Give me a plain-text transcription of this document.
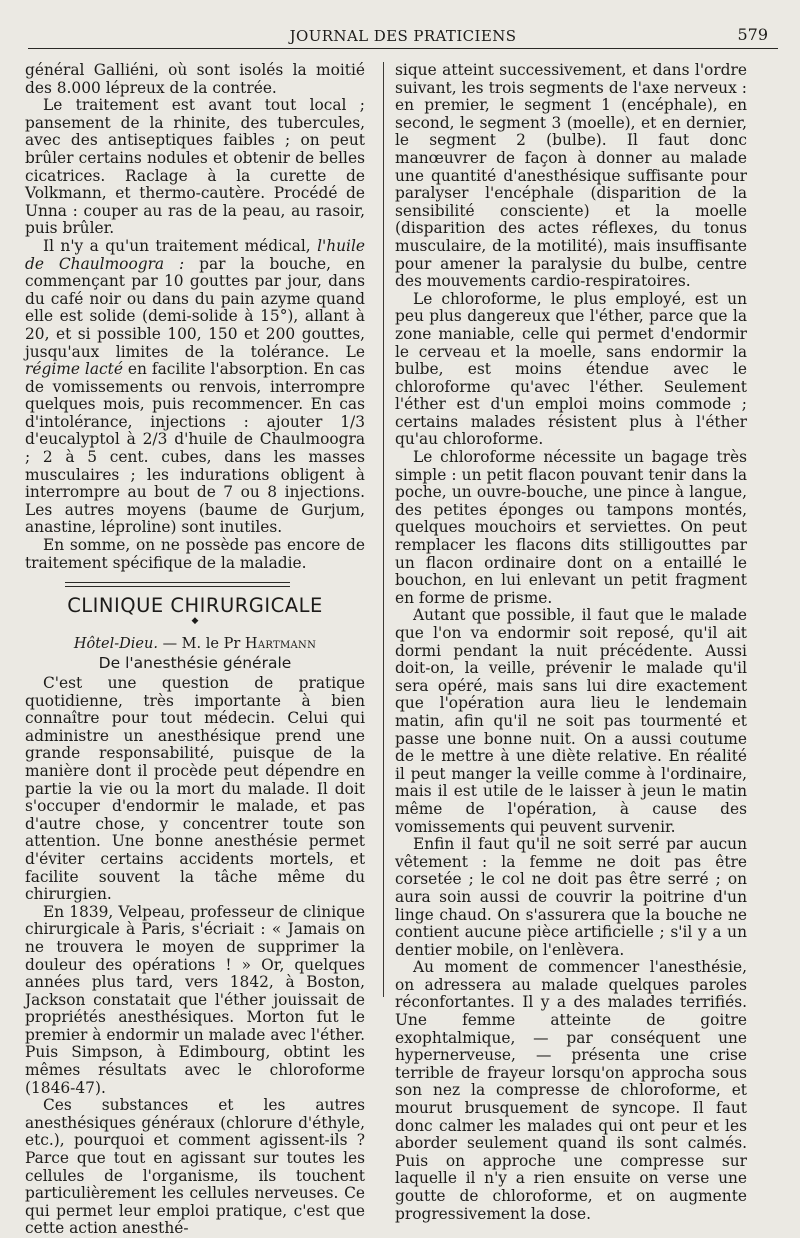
JOURNAL DES PRATICIENS	579

général Galliéni, où sont isolés la moitié des 8.000 lépreux de la contrée.

Le traitement est avant tout local ; pansement de la rhinite, des tubercules, avec des antiseptiques faibles ; on peut brûler certains nodules et obtenir de belles cicatrices. Raclage à la curette de Volkmann, et thermo-cautère. Procédé de Unna : couper au ras de la peau, au rasoir, puis brûler.

Il n'y a qu'un traitement médical, l'huile de Chaulmoogra : par la bouche, en commençant par 10 gouttes par jour, dans du café noir ou dans du pain azyme quand elle est solide (demi-solide à 15°), allant à 20, et si possible 100, 150 et 200 gouttes, jusqu'aux limites de la tolérance. Le régime lacté en facilite l'absorption. En cas de vomissements ou renvois, interrompre quelques mois, puis recommencer. En cas d'intolérance, injections : ajouter 1/3 d'eucalyptol à 2/3 d'huile de Chaulmoogra ; 2 à 5 cent. cubes, dans les masses musculaires ; les indurations obligent à interrompre au bout de 7 ou 8 injections. Les autres moyens (baume de Gurjum, anastine, léproline) sont inutiles.

En somme, on ne possède pas encore de traitement spécifique de la maladie.

CLINIQUE CHIRURGICALE
◆
Hôtel-Dieu. — M. le Pr Hartmann
De l'anesthésie générale

C'est une question de pratique quotidienne, très importante à bien connaître pour tout médecin. Celui qui administre un anesthésique prend une grande responsabilité, puisque de la manière dont il procède peut dépendre en partie la vie ou la mort du malade. Il doit s'occuper d'endormir le malade, et pas d'autre chose, y concentrer toute son attention. Une bonne anesthésie permet d'éviter certains accidents mortels, et facilite souvent la tâche même du chirurgien.

En 1839, Velpeau, professeur de clinique chirurgicale à Paris, s'écriait : « Jamais on ne trouvera le moyen de supprimer la douleur des opérations ! » Or, quelques années plus tard, vers 1842, à Boston, Jackson constatait que l'éther jouissait de propriétés anesthésiques. Morton fut le premier à endormir un malade avec l'éther. Puis Simpson, à Edimbourg, obtint les mêmes résultats avec le chloroforme (1846-47).

Ces substances et les autres anesthésiques généraux (chlorure d'éthyle, etc.), pourquoi et comment agissent-ils ? Parce que tout en agissant sur toutes les cellules de l'organisme, ils touchent particulièrement les cellules nerveuses. Ce qui permet leur emploi pratique, c'est que cette action anesthé-

sique atteint successivement, et dans l'ordre suivant, les trois segments de l'axe nerveux : en premier, le segment 1 (encéphale), en second, le segment 3 (moelle), et en dernier, le segment 2 (bulbe). Il faut donc manœuvrer de façon à donner au malade une quantité d'anesthésique suffisante pour paralyser l'encéphale (disparition de la sensibilité consciente) et la moelle (disparition des actes réflexes, du tonus musculaire, de la motilité), mais insuffisante pour amener la paralysie du bulbe, centre des mouvements cardio-respiratoires.

Le chloroforme, le plus employé, est un peu plus dangereux que l'éther, parce que la zone maniable, celle qui permet d'endormir le cerveau et la moelle, sans endormir la bulbe, est moins étendue avec le chloroforme qu'avec l'éther. Seulement l'éther est d'un emploi moins commode ; certains malades résistent plus à l'éther qu'au chloroforme.

Le chloroforme nécessite un bagage très simple : un petit flacon pouvant tenir dans la poche, un ouvre-bouche, une pince à langue, des petites éponges ou tampons montés, quelques mouchoirs et serviettes. On peut remplacer les flacons dits stilligouttes par un flacon ordinaire dont on a entaillé le bouchon, en lui enlevant un petit fragment en forme de prisme.

Autant que possible, il faut que le malade que l'on va endormir soit reposé, qu'il ait dormi pendant la nuit précédente. Aussi doit-on, la veille, prévenir le malade qu'il sera opéré, mais sans lui dire exactement que l'opération aura lieu le lendemain matin, afin qu'il ne soit pas tourmenté et passe une bonne nuit. On a aussi coutume de le mettre à une diète relative. En réalité il peut manger la veille comme à l'ordinaire, mais il est utile de le laisser à jeun le matin même de l'opération, à cause des vomissements qui peuvent survenir.

Enfin il faut qu'il ne soit serré par aucun vêtement : la femme ne doit pas être corsetée ; le col ne doit pas être serré ; on aura soin aussi de couvrir la poitrine d'un linge chaud. On s'assurera que la bouche ne contient aucune pièce artificielle ; s'il y a un dentier mobile, on l'enlèvera.

Au moment de commencer l'anesthésie, on adressera au malade quelques paroles réconfortantes. Il y a des malades terrifiés. Une femme atteinte de goitre exophtalmique, — par conséquent une hypernerveuse, — présenta une crise terrible de frayeur lorsqu'on approcha sous son nez la compresse de chloroforme, et mourut brusquement de syncope. Il faut donc calmer les malades qui ont peur et les aborder seulement quand ils sont calmés. Puis on approche une compresse sur laquelle il n'y a rien ensuite on verse une goutte de chloroforme, et on augmente progressivement la dose.
